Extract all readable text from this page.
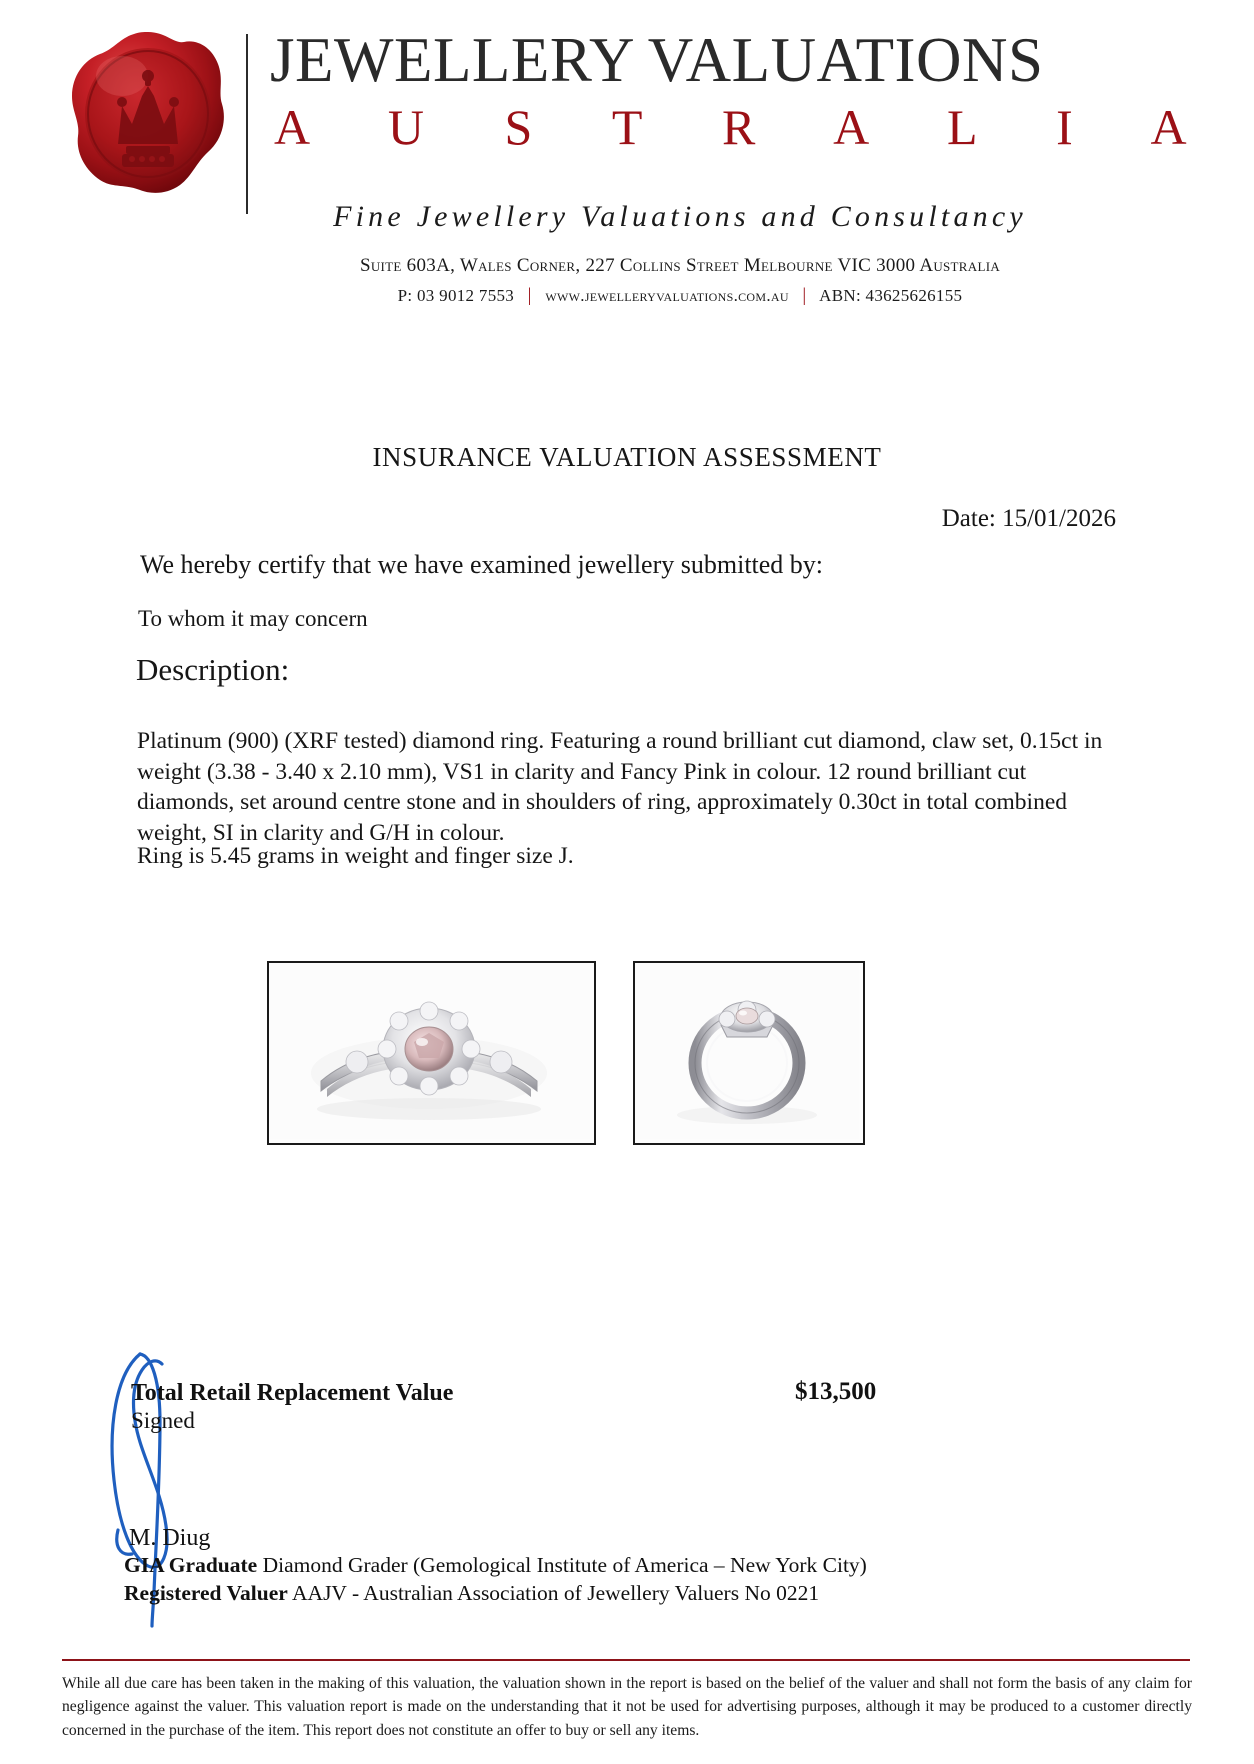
JEWELLERY VALUATIONS
A U S T R A L I A
Fine Jewellery Valuations and Consultancy
Suite 603A, Wales Corner, 227 Collins Street Melbourne VIC 3000 Australia
P: 03 9012 7553 | www.jewelleryvaluations.com.au | ABN: 43625626155
INSURANCE VALUATION ASSESSMENT
Date: 15/01/2026
We hereby certify that we have examined jewellery submitted by:
To whom it may concern
Description:
Platinum (900) (XRF tested) diamond ring. Featuring a round brilliant cut diamond, claw set, 0.15ct in weight (3.38 - 3.40 x 2.10 mm), VS1 in clarity and Fancy Pink in colour. 12 round brilliant cut diamonds, set around centre stone and in shoulders of ring, approximately 0.30ct in total combined weight, SI in clarity and G/H in colour.
Ring is 5.45 grams in weight and finger size J.
Total Retail Replacement Value	$13,500
Signed
M. Diug
GIA Graduate Diamond Grader (Gemological Institute of America – New York City)
Registered Valuer AAJV - Australian Association of Jewellery Valuers No 0221
While all due care has been taken in the making of this valuation, the valuation shown in the report is based on the belief of the valuer and shall not form the basis of any claim for negligence against the valuer. This valuation report is made on the understanding that it not be used for advertising purposes, although it may be produced to a customer directly concerned in the purchase of the item. This report does not constitute an offer to buy or sell any items.
